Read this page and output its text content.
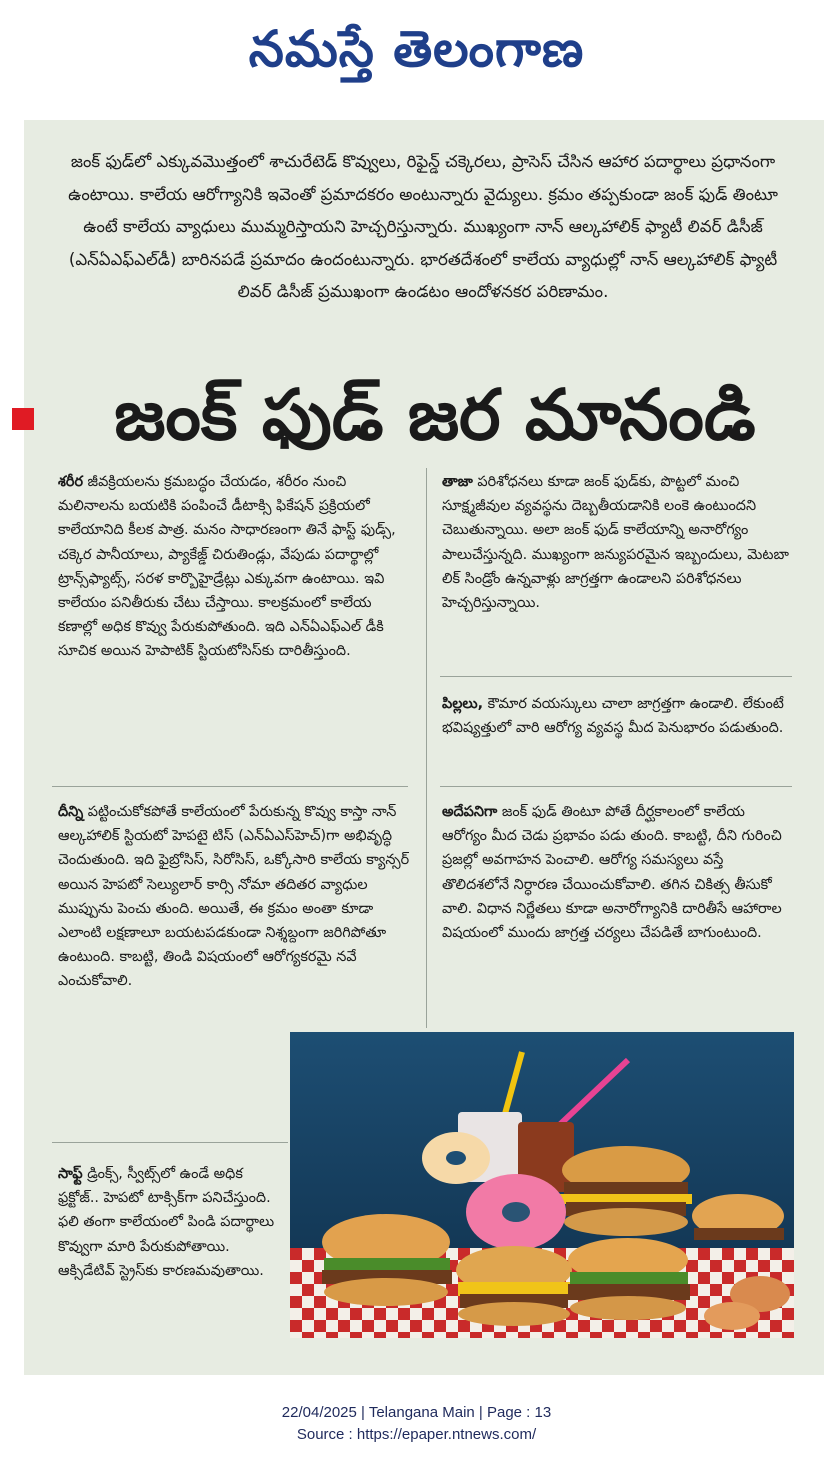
నమస్తే తెలంగాణ
జంక్ ఫుడ్‌లో ఎక్కువమొత్తంలో శాచురేటెడ్ కొవ్వులు, రిఫైన్డ్ చక్కెరలు, ప్రాసెస్ చేసిన ఆహార పదార్థాలు ప్రధానంగా ఉంటాయి. కాలేయ ఆరోగ్యానికి ఇవెంతో ప్రమాదకరం అంటున్నారు వైద్యులు. క్రమం తప్పకుండా జంక్ ఫుడ్ తింటూ ఉంటే కాలేయ వ్యాధులు ముమ్మరిస్తాయని హెచ్చరిస్తున్నారు. ముఖ్యంగా నాన్ ఆల్కహాలిక్ ఫ్యాటీ లివర్ డిసీజ్ (ఎన్ఏఎఫ్ఎల్‌డీ) బారినపడే ప్రమాదం ఉందంటున్నారు. భారతదేశంలో కాలేయ వ్యాధుల్లో నాన్ ఆల్కహాలిక్ ఫ్యాటీ లివర్ డిసీజ్ ప్రముఖంగా ఉండటం ఆందోళనకర పరిణామం.
జంక్ ఫుడ్ జర మానండి
శరీర జీవక్రియలను క్రమబద్ధం చేయడం, శరీరం నుంచి మలినాలను బయటికి పంపించే డీటాక్సి ఫికేషన్ ప్రక్రియలో కాలేయానిది కీలక పాత్ర. మనం సాధారణంగా తినే ఫాస్ట్ ఫుడ్స్, చక్కెర పానీయాలు, ప్యాకేజ్డ్ చిరుతిండ్లు, వేపుడు పదార్థాల్లో ట్రాన్స్‌ఫ్యాట్స్, సరళ కార్బొహైడ్రేట్లు ఎక్కువగా ఉంటాయి. ఇవి కాలేయం పనితీరుకు చేటు చేస్తాయి. కాలక్రమంలో కాలేయ కణాల్లో అధిక కొవ్వు పేరుకుపోతుంది. ఇది ఎన్ఏఎఫ్ఎల్ డీకి సూచిక అయిన హెపాటిక్ స్టియటోసిస్‌కు దారితీస్తుంది.
దీన్ని పట్టించుకోకపోతే కాలేయంలో పేరుకున్న కొవ్వు కాస్తా నాన్ ఆల్కహాలిక్ స్టియటో హెపటై టిస్ (ఎన్ఏఎస్‌హెచ్)గా అభివృద్ధి చెందుతుంది. ఇది ఫైబ్రోసిస్, సిరోసిస్, ఒక్కోసారి కాలేయ క్యాన్సర్ అయిన హెపటో సెల్యులార్ కార్సి నోమా తదితర వ్యాధుల ముప్పును పెంచు తుంది. అయితే, ఈ క్రమం అంతా కూడా ఎలాంటి లక్షణాలూ బయటపడకుండా నిశ్శబ్దంగా జరిగిపోతూ ఉంటుంది. కాబట్టి, తిండి విషయంలో ఆరోగ్యకరమై నవే ఎంచుకోవాలి.
సాఫ్ట్ డ్రింక్స్, స్వీట్స్‌లో ఉండే అధిక ఫ్రక్టోజ్.. హెపటో టాక్సిక్‌గా పనిచేస్తుంది. ఫలి తంగా కాలేయంలో పిండి పదార్థాలు కొవ్వుగా మారి పేరుకుపోతాయి. ఆక్సిడేటివ్ స్ట్రెస్‌కు కారణమవుతాయి.
తాజా పరిశోధనలు కూడా జంక్ ఫుడ్‌కు, పొట్టలో మంచి సూక్ష్మజీవుల వ్యవస్థను దెబ్బతీయడానికి లంకె ఉంటుందని చెబుతున్నాయి. అలా జంక్ ఫుడ్ కాలేయాన్ని అనారోగ్యం పాలుచేస్తున్నది. ముఖ్యంగా జన్యుపరమైన ఇబ్బందులు, మెటబా లిక్ సిండ్రోం ఉన్నవాళ్లు జాగ్రత్తగా ఉండాలని పరిశోధనలు హెచ్చరిస్తున్నాయి.
పిల్లలు, కౌమార వయస్కులు చాలా జాగ్రత్తగా ఉండాలి. లేకుంటే భవిష్యత్తులో వారి ఆరోగ్య వ్యవస్థ మీద పెనుభారం పడుతుంది.
అదేపనిగా జంక్ ఫుడ్ తింటూ పోతే దీర్ఘకాలంలో కాలేయ ఆరోగ్యం మీద చెడు ప్రభావం పడు తుంది. కాబట్టి, దీని గురించి ప్రజల్లో అవగాహన పెంచాలి. ఆరోగ్య సమస్యలు వస్తే తొలిదశలోనే నిర్ధారణ చేయించుకోవాలి. తగిన చికిత్స తీసుకో వాలి. విధాన నిర్ణేతలు కూడా అనారోగ్యానికి దారితీసే ఆహారాల విషయంలో ముందు జాగ్రత్త చర్యలు చేపడితే బాగుంటుంది.
22/04/2025 | Telangana Main | Page : 13
Source : https://epaper.ntnews.com/
